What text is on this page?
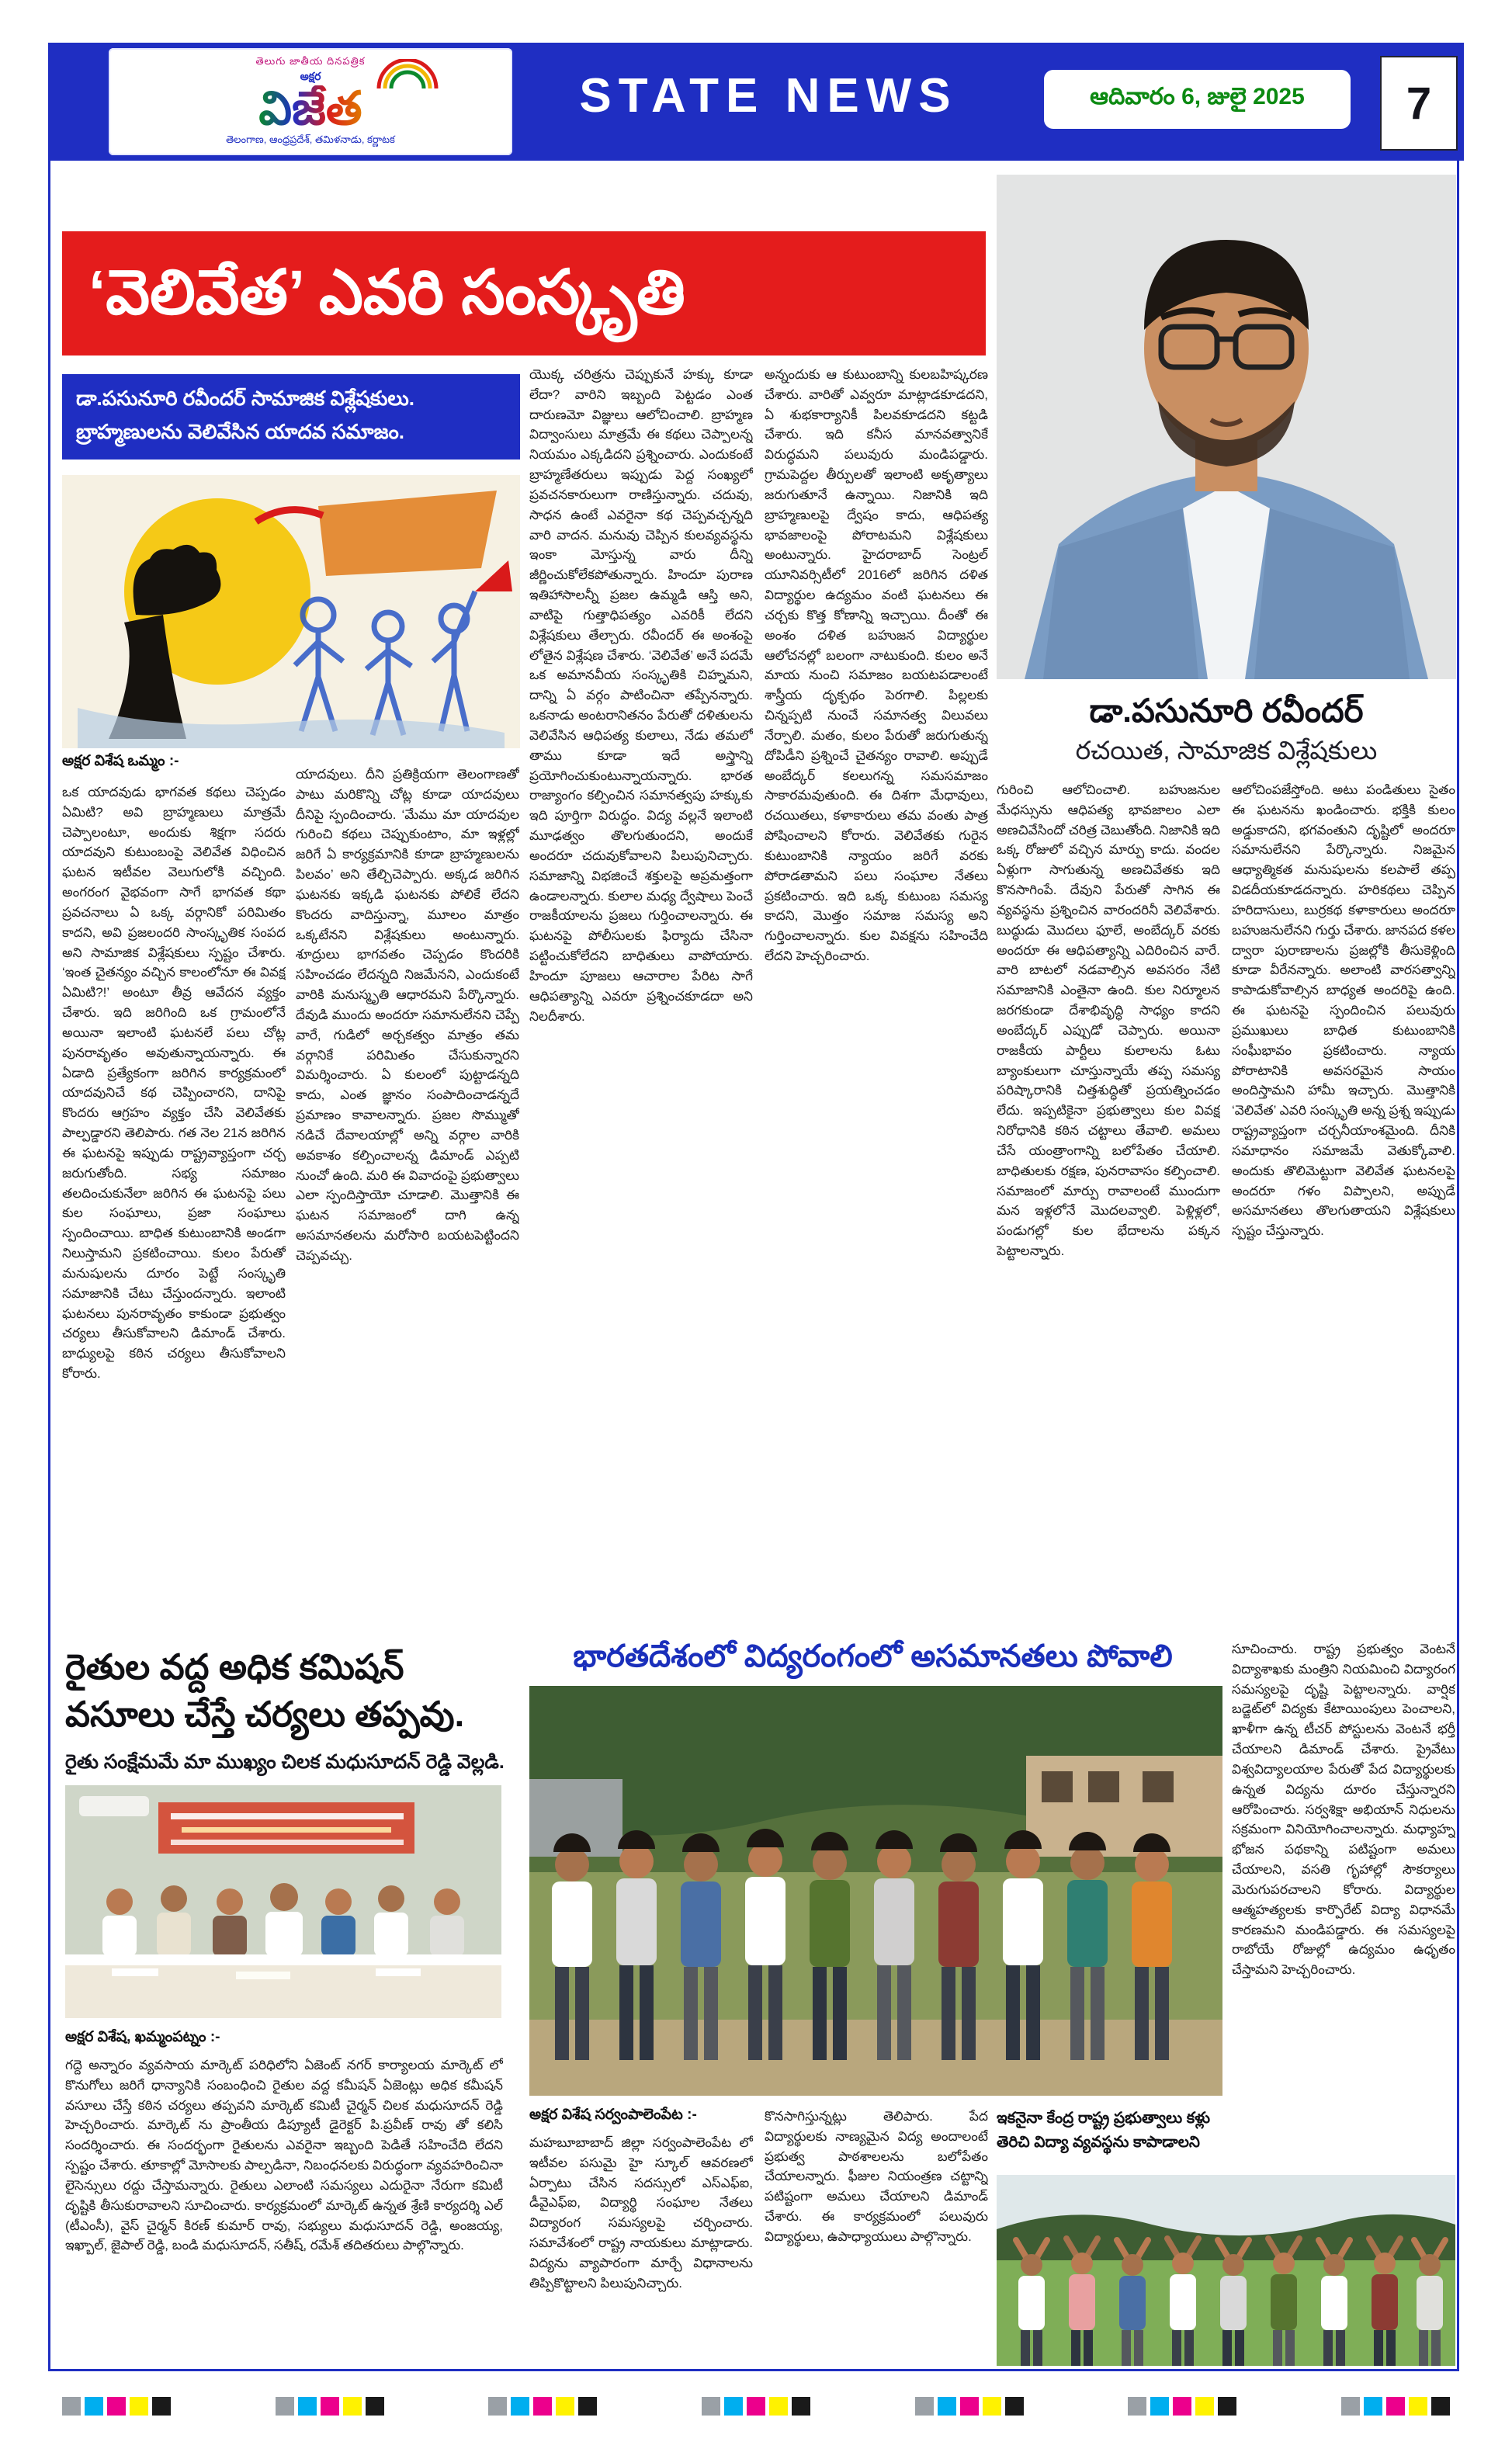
తెలుగు జాతీయ దినపత్రిక
అక్షర
విజేత
తెలంగాణ, ఆంధ్రప్రదేశ్, తమిళనాడు, కర్ణాటక
STATE NEWS	ఆదివారం 6, జులై 2025 7
‘వెలివేత’ ఎవరి సంస్కృతి
డా.పసునూరి రవీందర్ సామాజిక విశ్లేషకులు.
బ్రాహ్మణులను వెలివేసిన యాదవ సమాజం.
డా.పసునూరి రవీందర్
రచయిత, సామాజిక విశ్లేషకులు
అక్షర విశేష ఒమ్మం :-
ఒక యాదవుడు భాగవత కథలు చెప్పడం ఏమిటి? అవి బ్రాహ్మణులు మాత్రమే చెప్పాలంటూ, అందుకు శిక్షగా సదరు యాదవుని కుటుంబంపై వెలివేత విధించిన ఘటన ఇటీవల వెలుగులోకి వచ్చింది. అంగరంగ వైభవంగా సాగే భాగవత కథా ప్రవచనాలు ఏ ఒక్క వర్గానికో పరిమితం కాదని, అవి ప్రజలందరి సాంస్కృతిక సంపద అని సామాజిక విశ్లేషకులు స్పష్టం చేశారు. ‘ఇంత చైతన్యం వచ్చిన కాలంలోనూ ఈ వివక్ష ఏమిటి?!’ అంటూ తీవ్ర ఆవేదన వ్యక్తం చేశారు. ఇది జరిగింది ఒక గ్రామంలోనే అయినా ఇలాంటి ఘటనలే పలు చోట్ల పునరావృతం అవుతున్నాయన్నారు. ఈ ఏడాది ప్రత్యేకంగా జరిగిన కార్యక్రమంలో యాదవునిచే కథ చెప్పించారని, దానిపై కొందరు ఆగ్రహం వ్యక్తం చేసి వెలివేతకు పాల్పడ్డారని తెలిపారు. గత నెల 21న జరిగిన ఈ ఘటనపై ఇప్పుడు రాష్ట్రవ్యాప్తంగా చర్చ జరుగుతోంది. సభ్య సమాజం తలదించుకునేలా జరిగిన ఈ ఘటనపై పలు కుల సంఘాలు, ప్రజా సంఘాలు స్పందించాయి. బాధిత కుటుంబానికి అండగా నిలుస్తామని ప్రకటించాయి. కులం పేరుతో మనుషులను దూరం పెట్టే సంస్కృతి సమాజానికి చేటు చేస్తుందన్నారు. ఇలాంటి ఘటనలు పునరావృతం కాకుండా ప్రభుత్వం చర్యలు తీసుకోవాలని డిమాండ్ చేశారు. బాధ్యులపై కఠిన చర్యలు తీసుకోవాలని కోరారు.
యాదవులు. దీని ప్రతిక్రియగా తెలంగాణతో పాటు మరికొన్ని చోట్ల కూడా యాదవులు దీనిపై స్పందించారు. ‘మేము మా యాదవుల గురించి కథలు చెప్పుకుంటాం, మా ఇళ్లల్లో జరిగే ఏ కార్యక్రమానికి కూడా బ్రాహ్మణులను పిలవం’ అని తేల్చిచెప్పారు. అక్కడ జరిగిన ఘటనకు ఇక్కడి ఘటనకు పోలికే లేదని కొందరు వాదిస్తున్నా, మూలం మాత్రం ఒక్కటేనని విశ్లేషకులు అంటున్నారు. శూద్రులు భాగవతం చెప్పడం కొందరికి సహించడం లేదన్నది నిజమేనని, ఎందుకంటే వారికి మనుస్మృతి ఆధారమని పేర్కొన్నారు. దేవుడి ముందు అందరూ సమానులేనని చెప్పే వారే, గుడిలో అర్చకత్వం మాత్రం తమ వర్గానికే పరిమితం చేసుకున్నారని విమర్శించారు. ఏ కులంలో పుట్టాడన్నది కాదు, ఎంత జ్ఞానం సంపాదించాడన్నదే ప్రమాణం కావాలన్నారు. ప్రజల సొమ్ముతో నడిచే దేవాలయాల్లో అన్ని వర్గాల వారికి అవకాశం కల్పించాలన్న డిమాండ్ ఎప్పటి నుంచో ఉంది. మరి ఈ వివాదంపై ప్రభుత్వాలు ఎలా స్పందిస్తాయో చూడాలి. మొత్తానికి ఈ ఘటన సమాజంలో దాగి ఉన్న అసమానతలను మరోసారి బయటపెట్టిందని చెప్పవచ్చు.
యొక్క చరిత్రను చెప్పుకునే హక్కు కూడా లేదా? వారిని ఇబ్బంది పెట్టడం ఎంత దారుణమో విజ్ఞులు ఆలోచించాలి. బ్రాహ్మణ విద్వాంసులు మాత్రమే ఈ కథలు చెప్పాలన్న నియమం ఎక్కడిదని ప్రశ్నించారు. ఎందుకంటే బ్రాహ్మణేతరులు ఇప్పుడు పెద్ద సంఖ్యలో ప్రవచనకారులుగా రాణిస్తున్నారు. చదువు, సాధన ఉంటే ఎవరైనా కథ చెప్పవచ్చన్నది వారి వాదన. మనువు చెప్పిన కులవ్యవస్థను ఇంకా మోస్తున్న వారు దీన్ని జీర్ణించుకోలేకపోతున్నారు. హిందూ పురాణ ఇతిహాసాలన్నీ ప్రజల ఉమ్మడి ఆస్తి అని, వాటిపై గుత్తాధిపత్యం ఎవరికీ లేదని విశ్లేషకులు తేల్చారు. రవీందర్ ఈ అంశంపై లోతైన విశ్లేషణ చేశారు. ‘వెలివేత’ అనే పదమే ఒక అమానవీయ సంస్కృతికి చిహ్నమని, దాన్ని ఏ వర్గం పాటించినా తప్పేనన్నారు. ఒకనాడు అంటరానితనం పేరుతో దళితులను వెలివేసిన ఆధిపత్య కులాలు, నేడు తమలో తాము కూడా ఇదే అస్త్రాన్ని ప్రయోగించుకుంటున్నాయన్నారు. భారత రాజ్యాంగం కల్పించిన సమానత్వపు హక్కుకు ఇది పూర్తిగా విరుద్ధం. విద్య వల్లనే ఇలాంటి మూఢత్వం తొలగుతుందని, అందుకే అందరూ చదువుకోవాలని పిలుపునిచ్చారు. సమాజాన్ని విభజించే శక్తులపై అప్రమత్తంగా ఉండాలన్నారు. కులాల మధ్య ద్వేషాలు పెంచే రాజకీయాలను ప్రజలు గుర్తించాలన్నారు. ఈ ఘటనపై పోలీసులకు ఫిర్యాదు చేసినా పట్టించుకోలేదని బాధితులు వాపోయారు. హిందూ పూజలు ఆచారాల పేరిట సాగే ఆధిపత్యాన్ని ఎవరూ ప్రశ్నించకూడదా అని నిలదీశారు.
అన్నందుకు ఆ కుటుంబాన్ని కులబహిష్కరణ చేశారు. వారితో ఎవ్వరూ మాట్లాడకూడదని, ఏ శుభకార్యానికీ పిలవకూడదని కట్టడి చేశారు. ఇది కనీస మానవత్వానికే విరుద్ధమని పలువురు మండిపడ్డారు. గ్రామపెద్దల తీర్పులతో ఇలాంటి అకృత్యాలు జరుగుతూనే ఉన్నాయి. నిజానికి ఇది బ్రాహ్మణులపై ద్వేషం కాదు, ఆధిపత్య భావజాలంపై పోరాటమని విశ్లేషకులు అంటున్నారు. హైదరాబాద్ సెంట్రల్ యూనివర్సిటీలో 2016లో జరిగిన దళిత విద్యార్థుల ఉద్యమం వంటి ఘటనలు ఈ చర్చకు కొత్త కోణాన్ని ఇచ్చాయి. దీంతో ఈ అంశం దళిత బహుజన విద్యార్థుల ఆలోచనల్లో బలంగా నాటుకుంది. కులం అనే మాయ నుంచి సమాజం బయటపడాలంటే శాస్త్రీయ దృక్పథం పెరగాలి. పిల్లలకు చిన్నప్పటి నుంచే సమానత్వ విలువలు నేర్పాలి. మతం, కులం పేరుతో జరుగుతున్న దోపిడీని ప్రశ్నించే చైతన్యం రావాలి. అప్పుడే అంబేద్కర్ కలలుగన్న సమసమాజం సాకారమవుతుంది. ఈ దిశగా మేధావులు, రచయితలు, కళాకారులు తమ వంతు పాత్ర పోషించాలని కోరారు. వెలివేతకు గురైన కుటుంబానికి న్యాయం జరిగే వరకు పోరాడతామని పలు సంఘాల నేతలు ప్రకటించారు. ఇది ఒక్క కుటుంబ సమస్య కాదని, మొత్తం సమాజ సమస్య అని గుర్తించాలన్నారు. కుల వివక్షను సహించేది లేదని హెచ్చరించారు.
గురించి ఆలోచించాలి. బహుజనుల మేధస్సును ఆధిపత్య భావజాలం ఎలా అణచివేసిందో చరిత్ర చెబుతోంది. నిజానికి ఇది ఒక్క రోజులో వచ్చిన మార్పు కాదు. వందల ఏళ్లుగా సాగుతున్న అణచివేతకు ఇది కొనసాగింపే. దేవుని పేరుతో సాగిన ఈ వ్యవస్థను ప్రశ్నించిన వారందరినీ వెలివేశారు. బుద్ధుడు మొదలు ఫూలే, అంబేద్కర్ వరకు అందరూ ఈ ఆధిపత్యాన్ని ఎదిరించిన వారే. వారి బాటలో నడవాల్సిన అవసరం నేటి సమాజానికి ఎంతైనా ఉంది. కుల నిర్మూలన జరగకుండా దేశాభివృద్ధి సాధ్యం కాదని అంబేద్కర్ ఎప్పుడో చెప్పారు. అయినా రాజకీయ పార్టీలు కులాలను ఓటు బ్యాంకులుగా చూస్తున్నాయే తప్ప సమస్య పరిష్కారానికి చిత్తశుద్ధితో ప్రయత్నించడం లేదు. ఇప్పటికైనా ప్రభుత్వాలు కుల వివక్ష నిరోధానికి కఠిన చట్టాలు తేవాలి. అమలు చేసే యంత్రాంగాన్ని బలోపేతం చేయాలి. బాధితులకు రక్షణ, పునరావాసం కల్పించాలి. సమాజంలో మార్పు రావాలంటే ముందుగా మన ఇళ్లలోనే మొదలవ్వాలి. పెళ్లిళ్లలో, పండుగల్లో కుల భేదాలను పక్కన పెట్టాలన్నారు.
ఆలోచింపజేస్తోంది. అటు పండితులు సైతం ఈ ఘటనను ఖండించారు. భక్తికి కులం అడ్డుకాదని, భగవంతుని దృష్టిలో అందరూ సమానులేనని పేర్కొన్నారు. నిజమైన ఆధ్యాత్మికత మనుషులను కలపాలే తప్ప విడదీయకూడదన్నారు. హరికథలు చెప్పిన హరిదాసులు, బుర్రకథ కళాకారులు అందరూ బహుజనులేనని గుర్తు చేశారు. జానపద కళల ద్వారా పురాణాలను ప్రజల్లోకి తీసుకెళ్లింది కూడా వీరేనన్నారు. అలాంటి వారసత్వాన్ని కాపాడుకోవాల్సిన బాధ్యత అందరిపై ఉంది. ఈ ఘటనపై స్పందించిన పలువురు ప్రముఖులు బాధిత కుటుంబానికి సంఘీభావం ప్రకటించారు. న్యాయ పోరాటానికి అవసరమైన సాయం అందిస్తామని హామీ ఇచ్చారు. మొత్తానికి ‘వెలివేత’ ఎవరి సంస్కృతి అన్న ప్రశ్న ఇప్పుడు రాష్ట్రవ్యాప్తంగా చర్చనీయాంశమైంది. దీనికి సమాధానం సమాజమే వెతుక్కోవాలి. అందుకు తొలిమెట్టుగా వెలివేత ఘటనలపై అందరూ గళం విప్పాలని, అప్పుడే అసమానతలు తొలగుతాయని విశ్లేషకులు స్పష్టం చేస్తున్నారు.
రైతుల వద్ద అధిక కమిషన్
వసూలు చేస్తే చర్యలు తప్పవు.
రైతు సంక్షేమమే మా ముఖ్యం చిలక మధుసూదన్ రెడ్డి వెల్లడి.
అక్షర విశేష, ఖమ్మంపట్నం :-
గద్దె అన్నారం వ్యవసాయ మార్కెట్ పరిధిలోని ఏజెంట్ నగర్ కార్యాలయ మార్కెట్ లో కొనుగోలు జరిగే ధాన్యానికి సంబంధించి రైతుల వద్ద కమీషన్ ఏజెంట్లు అధిక కమీషన్ వసూలు చేస్తే కఠిన చర్యలు తప్పవని మార్కెట్ కమిటీ చైర్మన్ చిలక మధుసూదన్ రెడ్డి హెచ్చరించారు. మార్కెట్ ను ప్రాంతీయ డిప్యూటీ డైరెక్టర్ పి.ప్రవీణ్ రావు తో కలిసి సందర్శించారు. ఈ సందర్భంగా రైతులను ఎవరైనా ఇబ్బంది పెడితే సహించేది లేదని స్పష్టం చేశారు. తూకాల్లో మోసాలకు పాల్పడినా, నిబంధనలకు విరుద్ధంగా వ్యవహరించినా లైసెన్సులు రద్దు చేస్తామన్నారు. రైతులు ఎలాంటి సమస్యలు ఎదురైనా నేరుగా కమిటీ దృష్టికి తీసుకురావాలని సూచించారు. కార్యక్రమంలో మార్కెట్ ఉన్నత శ్రేణి కార్యదర్శి ఎల్ (టీఎంసీ), వైస్ చైర్మన్ కిరణ్ కుమార్ రావు, సభ్యులు మధుసూదన్ రెడ్డి, అంజయ్య, ఇఖ్బాల్, జైపాల్ రెడ్డి, బండి మధుసూదన్, సతీష్, రమేశ్ తదితరులు పాల్గొన్నారు.
భారతదేశంలో విద్యరంగంలో అసమానతలు పోవాలి
అక్షర విశేష సర్వంపాలెంపేట :-
మహబూబాబాద్ జిల్లా సర్వంపాలెంపేట లో ఇటీవల పసుమై హై స్కూల్ ఆవరణలో ఏర్పాటు చేసిన సదస్సులో ఎస్ఎఫ్ఐ, డీవైఎఫ్ఐ, విద్యార్థి సంఘాల నేతలు విద్యారంగ సమస్యలపై చర్చించారు. సమావేశంలో రాష్ట్ర నాయకులు మాట్లాడారు. విద్యను వ్యాపారంగా మార్చే విధానాలను తిప్పికొట్టాలని పిలుపునిచ్చారు.
కొనసాగిస్తున్నట్లు తెలిపారు. పేద విద్యార్థులకు నాణ్యమైన విద్య అందాలంటే ప్రభుత్వ పాఠశాలలను బలోపేతం చేయాలన్నారు. ఫీజుల నియంత్రణ చట్టాన్ని పటిష్టంగా అమలు చేయాలని డిమాండ్ చేశారు. ఈ కార్యక్రమంలో పలువురు విద్యార్థులు, ఉపాధ్యాయులు పాల్గొన్నారు.
ఇకనైనా కేంద్ర రాష్ట్ర ప్రభుత్వాలు కళ్లు తెరిచి విద్యా వ్యవస్థను కాపాడాలని
సూచించారు. రాష్ట్ర ప్రభుత్వం వెంటనే విద్యాశాఖకు మంత్రిని నియమించి విద్యారంగ సమస్యలపై దృష్టి పెట్టాలన్నారు. వార్షిక బడ్జెట్‌లో విద్యకు కేటాయింపులు పెంచాలని, ఖాళీగా ఉన్న టీచర్ పోస్టులను వెంటనే భర్తీ చేయాలని డిమాండ్ చేశారు. ప్రైవేటు విశ్వవిద్యాలయాల పేరుతో పేద విద్యార్థులకు ఉన్నత విద్యను దూరం చేస్తున్నారని ఆరోపించారు. సర్వశిక్షా అభియాన్ నిధులను సక్రమంగా వినియోగించాలన్నారు. మధ్యాహ్న భోజన పథకాన్ని పటిష్టంగా అమలు చేయాలని, వసతి గృహాల్లో సౌకర్యాలు మెరుగుపరచాలని కోరారు. విద్యార్థుల ఆత్మహత్యలకు కార్పొరేట్ విద్యా విధానమే కారణమని మండిపడ్డారు. ఈ సమస్యలపై రాబోయే రోజుల్లో ఉద్యమం ఉధృతం చేస్తామని హెచ్చరించారు.
